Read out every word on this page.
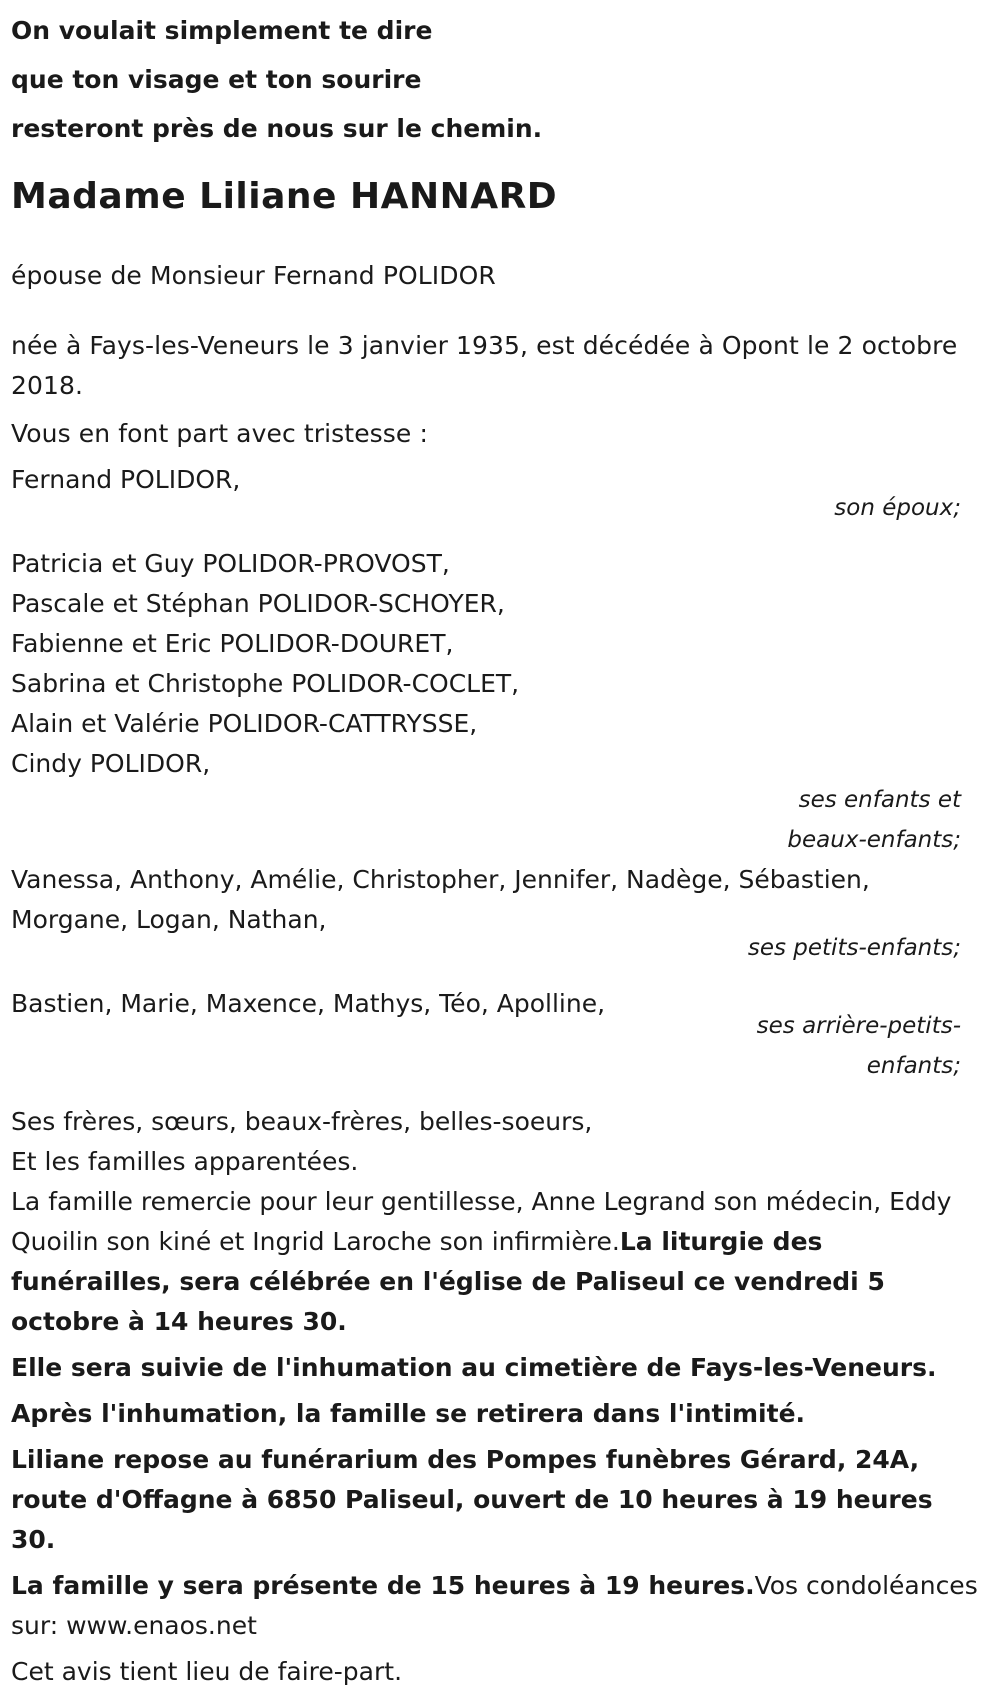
On voulait simplement te dire

que ton visage et ton sourire

resteront près de nous sur le chemin.

Madame Liliane HANNARD

épouse de Monsieur Fernand POLIDOR

née à Fays-les-Veneurs le 3 janvier 1935, est décédée à Opont le 2 octobre 2018.

Vous en font part avec tristesse :

Fernand POLIDOR,

son époux;

Patricia et Guy POLIDOR-PROVOST,

Pascale et Stéphan POLIDOR-SCHOYER,

Fabienne et Eric POLIDOR-DOURET,

Sabrina et Christophe POLIDOR-COCLET,

Alain et Valérie POLIDOR-CATTRYSSE,

Cindy POLIDOR,

ses enfants et

beaux-enfants;

Vanessa, Anthony, Amélie, Christopher, Jennifer, Nadège, Sébastien,

Morgane, Logan, Nathan,

ses petits-enfants;

Bastien, Marie, Maxence, Mathys, Téo, Apolline,

ses arrière-petits-

enfants;

Ses frères, sœurs, beaux-frères, belles-soeurs,

Et les familles apparentées.

La famille remercie pour leur gentillesse, Anne Legrand son médecin, Eddy Quoilin son kiné et Ingrid Laroche son infirmière.La liturgie des funérailles, sera célébrée en l'église de Paliseul ce vendredi 5 octobre à 14 heures 30.

Elle sera suivie de l'inhumation au cimetière de Fays-les-Veneurs.

Après l'inhumation, la famille se retirera dans l'intimité.

Liliane repose au funérarium des Pompes funèbres Gérard, 24A, route d'Offagne à 6850 Paliseul, ouvert de 10 heures à 19 heures 30.

La famille y sera présente de 15 heures à 19 heures.Vos condoléances sur: www.enaos.net

Cet avis tient lieu de faire-part.
